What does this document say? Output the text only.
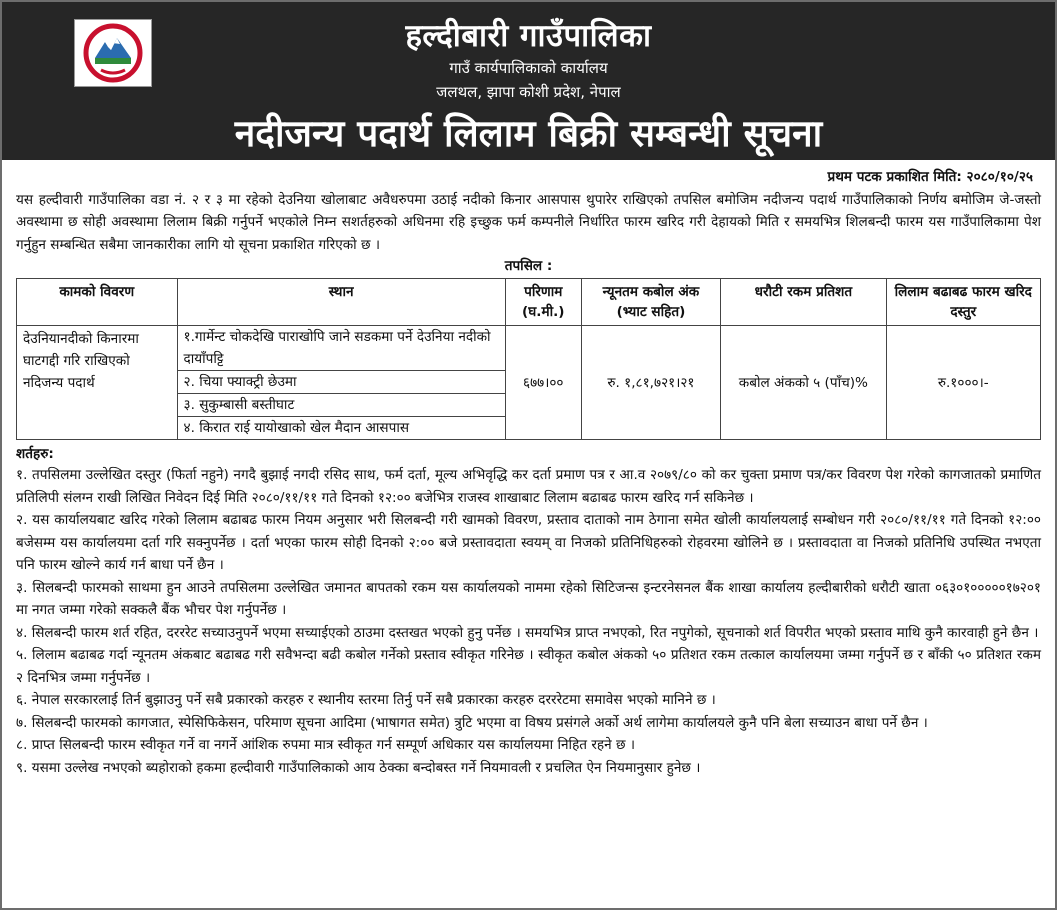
हल्दीबारी गाउँपालिका
गाउँ कार्यपालिकाको कार्यालय
जलथल, झापा कोशी प्रदेश, नेपाल
नदीजन्य पदार्थ लिलाम बिक्री सम्बन्धी सूचना
प्रथम पटक प्रकाशित मिति: २०८०/१०/२५

यस हल्दीवारी गाउँपालिका वडा नं. २ र ३ मा रहेको देउनिया खोलाबाट अवैधरुपमा उठाई नदीको किनार आसपास थुपारेर राखिएको तपसिल बमोजिम नदीजन्य पदार्थ गाउँपालिकाको निर्णय बमोजिम जे-जस्तो अवस्थामा छ सोही अवस्थामा लिलाम बिक्री गर्नुपर्ने भएकोले निम्न सशर्तहरुको अधिनमा रहि इच्छुक फर्म कम्पनीले निर्धारित फारम खरिद गरी देहायको मिति र समयभित्र शिलबन्दी फारम यस गाउँपालिकामा पेश गर्नुहुन सम्बन्धित सबैमा जानकारीका लागि यो सूचना प्रकाशित गरिएको छ ।

तपसिल :

कामको विवरण	स्थान	परिणाम (घ.मी.)	न्यूनतम कबोल अंक (भ्याट सहित)	धरौटी रकम प्रतिशत	लिलाम बढाबढ फारम खरिद दस्तुर
देउनियानदीको किनारमा घाटगद्दी गरि राखिएको नदिजन्य पदार्थ	१.गार्मेन्ट चोकदेखि पाराखोपि जाने सडकमा पर्ने देउनिया नदीको दायाँपट्टि
२. चिया फ्याक्ट्री छेउमा
३. सुकुम्बासी बस्तीघाट
४. किरात राई यायोखाको खेल मैदान आसपास	६७७।००	रु. १,८१,७२१।२१	कबोल अंकको ५ (पाँच)%	रु.१०००।-
शर्तहरु:
१. तपसिलमा उल्लेखित दस्तुर (फिर्ता नहुने) नगदै बुझाई नगदी रसिद साथ, फर्म दर्ता, मूल्य अभिवृद्धि कर दर्ता प्रमाण पत्र र आ.व २०७९/८० को कर चुक्ता प्रमाण पत्र/कर विवरण पेश गरेको कागजातको प्रमाणित प्रतिलिपी संलग्न राखी लिखित निवेदन दिई मिति २०८०/११/११ गते दिनको १२:०० बजेभित्र राजस्व शाखाबाट लिलाम बढाबढ फारम खरिद गर्न सकिनेछ ।
२. यस कार्यालयबाट खरिद गरेको लिलाम बढाबढ फारम नियम अनुसार भरी सिलबन्दी गरी खामको विवरण, प्रस्ताव दाताको नाम ठेगाना समेत खोली कार्यालयलाई सम्बोधन गरी २०८०/११/११ गते दिनको १२:०० बजेसम्म यस कार्यालयमा दर्ता गरि सक्नुपर्नेछ । दर्ता भएका फारम सोही दिनको २:०० बजे प्रस्तावदाता स्वयम् वा निजको प्रतिनिधिहरुको रोहवरमा खोलिने छ । प्रस्तावदाता वा निजको प्रतिनिधि उपस्थित नभएता पनि फारम खोल्ने कार्य गर्न बाधा पर्ने छैन ।
३. सिलबन्दी फारमको साथमा हुन आउने तपसिलमा उल्लेखित जमानत बापतको रकम यस कार्यालयको नाममा रहेको सिटिजन्स इन्टरनेसनल बैंक शाखा कार्यालय हल्दीबारीको धरौटी खाता ०६३०१०००००१७२०१ मा नगत जम्मा गरेको सक्कलै बैंक भौचर पेश गर्नुपर्नेछ ।
४. सिलबन्दी फारम शर्त रहित, दरररेट सच्याउनुपर्ने भएमा सच्याईएको ठाउमा दस्तखत भएको हुनु पर्नेछ । समयभित्र प्राप्त नभएको, रित नपुगेको, सूचनाको शर्त विपरीत भएको प्रस्ताव माथि कुनै कारवाही हुने छैन ।
५. लिलाम बढाबढ गर्दा न्यूनतम अंकबाट बढाबढ गरी सवैभन्दा बढी कबोल गर्नेको प्रस्ताव स्वीकृत गरिनेछ । स्वीकृत कबोल अंकको ५० प्रतिशत रकम तत्काल कार्यालयमा जम्मा गर्नुपर्ने छ र बाँकी ५० प्रतिशत रकम २ दिनभित्र जम्मा गर्नुपर्नेछ ।
६. नेपाल सरकारलाई तिर्न बुझाउनु पर्ने सबै प्रकारको करहरु र स्थानीय स्तरमा तिर्नु पर्ने सबै प्रकारका करहरु दरररेटमा समावेस भएको मानिने छ ।
७. सिलबन्दी फारमको कागजात, स्पेसिफिकेसन, परिमाण सूचना आदिमा (भाषागत समेत) त्रुटि भएमा वा विषय प्रसंगले अर्को अर्थ लागेमा कार्यालयले कुनै पनि बेला सच्याउन बाधा पर्ने छैन ।
८. प्राप्त सिलबन्दी फारम स्वीकृत गर्ने वा नगर्ने आंशिक रुपमा मात्र स्वीकृत गर्न सम्पूर्ण अधिकार यस कार्यालयमा निहित रहने छ ।
९. यसमा उल्लेख नभएको ब्यहोराको हकमा हल्दीवारी गाउँपालिकाको आय ठेक्का बन्दोबस्त गर्ने नियमावली र प्रचलित ऐन नियमानुसार हुनेछ ।
